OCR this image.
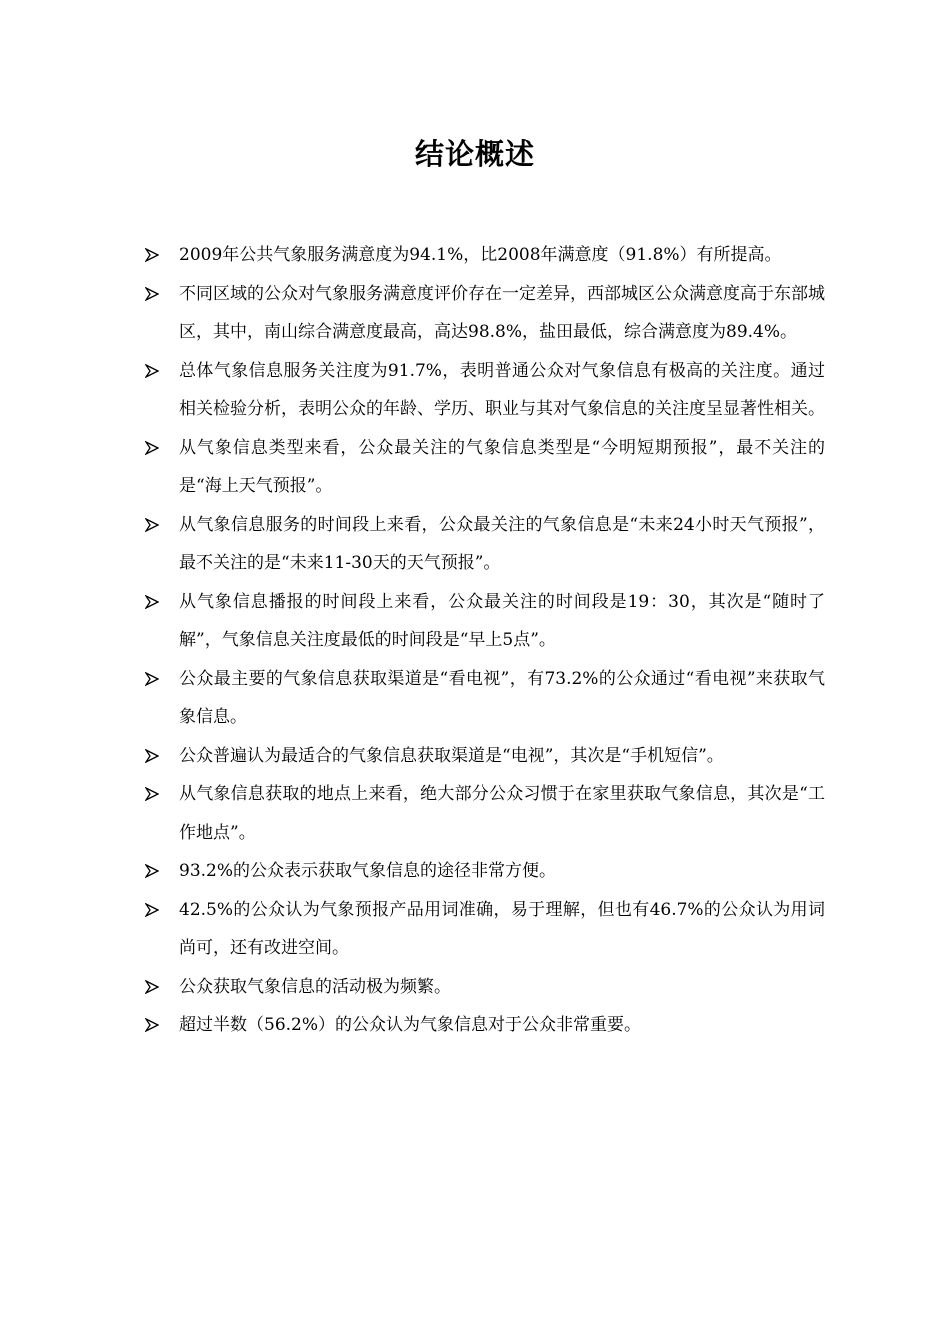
结论概述
2009年公共气象服务满意度为94.1%，比2008年满意度（91.8%）有所提高。
不同区域的公众对气象服务满意度评价存在一定差异，西部城区公众满意度高于东部城区，其中，南山综合满意度最高，高达98.8%，盐田最低，综合满意度为89.4%。
总体气象信息服务关注度为91.7%，表明普通公众对气象信息有极高的关注度。通过相关检验分析，表明公众的年龄、学历、职业与其对气象信息的关注度呈显著性相关。
从气象信息类型来看，公众最关注的气象信息类型是“今明短期预报”，最不关注的是“海上天气预报”。
从气象信息服务的时间段上来看，公众最关注的气象信息是“未来24小时天气预报”，最不关注的是“未来11-30天的天气预报”。
从气象信息播报的时间段上来看，公众最关注的时间段是19：30，其次是“随时了解”，气象信息关注度最低的时间段是“早上5点”。
公众最主要的气象信息获取渠道是“看电视”，有73.2%的公众通过“看电视”来获取气象信息。
公众普遍认为最适合的气象信息获取渠道是“电视”，其次是“手机短信”。
从气象信息获取的地点上来看，绝大部分公众习惯于在家里获取气象信息，其次是“工作地点”。
93.2%的公众表示获取气象信息的途径非常方便。
42.5%的公众认为气象预报产品用词准确，易于理解，但也有46.7%的公众认为用词尚可，还有改进空间。
公众获取气象信息的活动极为频繁。
超过半数（56.2%）的公众认为气象信息对于公众非常重要。
